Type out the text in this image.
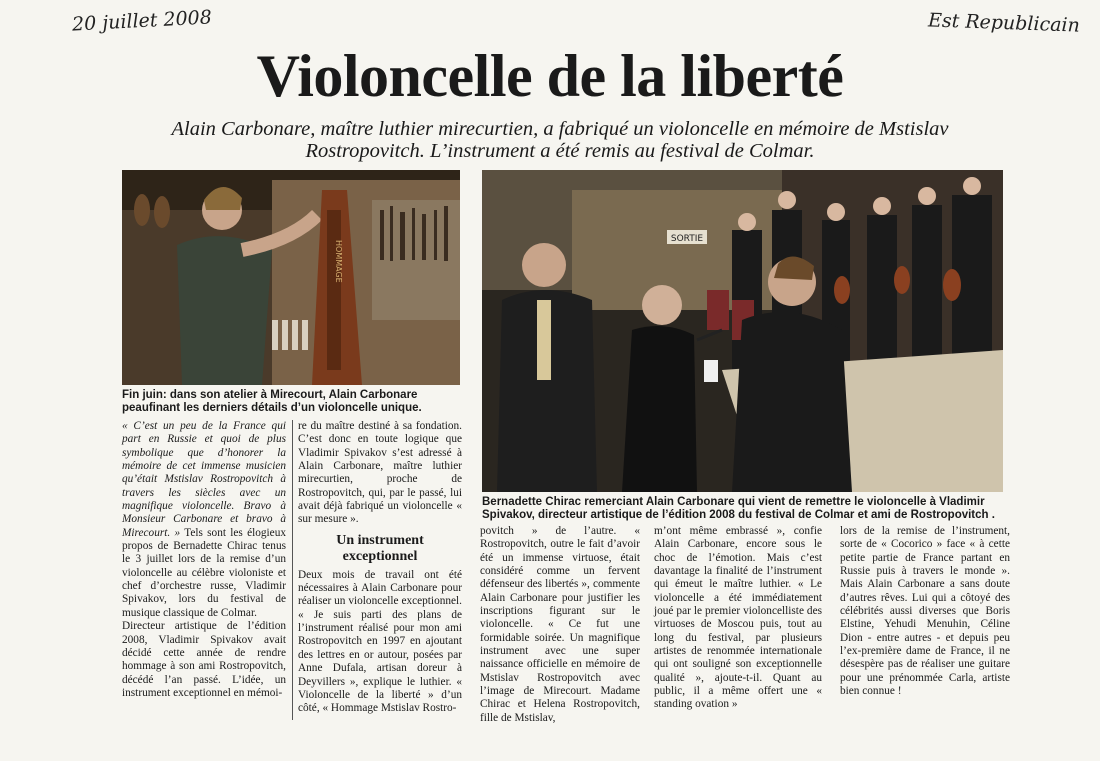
20 juillet 2008	Est Republicain
Violoncelle de la liberté
Alain Carbonare, maître luthier mirecurtien, a fabriqué un violoncelle en mémoire de Mstislav Rostropovitch. L’instrument a été remis au festival de Colmar.
HOMMAGE
Fin juin: dans son atelier à Mirecourt, Alain Carbonare peaufinant les derniers détails d’un violoncelle unique.
SORTIE
Bernadette Chirac remerciant Alain Carbonare qui vient de remettre le violoncelle à Vladimir Spivakov, directeur artistique de l’édition 2008 du festival de Colmar et ami de Rostropovitch .

« C’est un peu de la France qui part en Russie et quoi de plus symbolique que d’honorer la mémoire de cet immense musicien qu’était Mstislav Rostropovitch à travers les siècles avec un magnifique violoncelle. Bravo à Monsieur Carbonare et bravo à Mirecourt. » Tels sont les élogieux propos de Bernadette Chirac tenus le 3 juillet lors de la remise d’un violoncelle au célèbre violoniste et chef d’orchestre russe, Vladimir Spivakov, lors du festival de musique classique de Colmar.

Directeur artistique de l’édition 2008, Vladimir Spivakov avait décidé cette année de rendre hommage à son ami Rostropovitch, décédé l’an passé. L’idée, un instrument exceptionnel en mémoi-

re du maître destiné à sa fondation. C’est donc en toute logique que Vladimir Spivakov s’est adressé à Alain Carbonare, maître luthier mirecurtien, proche de Rostropovitch, qui, par le passé, lui avait déjà fabriqué un violoncelle « sur mesure ».

Un instrument exceptionnel

Deux mois de travail ont été nécessaires à Alain Carbonare pour réaliser un violoncelle exceptionnel. « Je suis parti des plans de l’instrument réalisé pour mon ami Rostropovitch en 1997 en ajoutant des lettres en or autour, posées par Anne Dufala, artisan doreur à Deyvillers », explique le luthier. « Violoncelle de la liberté » d’un côté, « Hommage Mstislav Rostro-

povitch » de l’autre. « Rostropovitch, outre le fait d’avoir été un immense virtuose, était considéré comme un fervent défenseur des libertés », commente Alain Carbonare pour justifier les inscriptions figurant sur le violoncelle. « Ce fut une formidable soirée. Un magnifique instrument avec une super naissance officielle en mémoire de Mstislav Rostropovitch avec l’image de Mirecourt. Madame Chirac et Helena Rostropovitch, fille de Mstislav,
m’ont même embrassé », confie Alain Carbonare, encore sous le choc de l’émotion. Mais c’est davantage la finalité de l’instrument qui émeut le maître luthier. « Le violoncelle a été immédiatement joué par le premier violoncelliste des virtuoses de Moscou puis, tout au long du festival, par plusieurs artistes de renommée internationale qui ont souligné son exceptionnelle qualité », ajoute-t-il. Quant au public, il a même offert une « standing ovation »
lors de la remise de l’instrument, sorte de « Cocorico » face « à cette petite partie de France partant en Russie puis à travers le monde ». Mais Alain Carbonare a sans doute d’autres rêves. Lui qui a côtoyé des célébrités aussi diverses que Boris Elstine, Yehudi Menuhin, Céline Dion - entre autres - et depuis peu l’ex-première dame de France, il ne désespère pas de réaliser une guitare pour une prénommée Carla, artiste bien connue !
